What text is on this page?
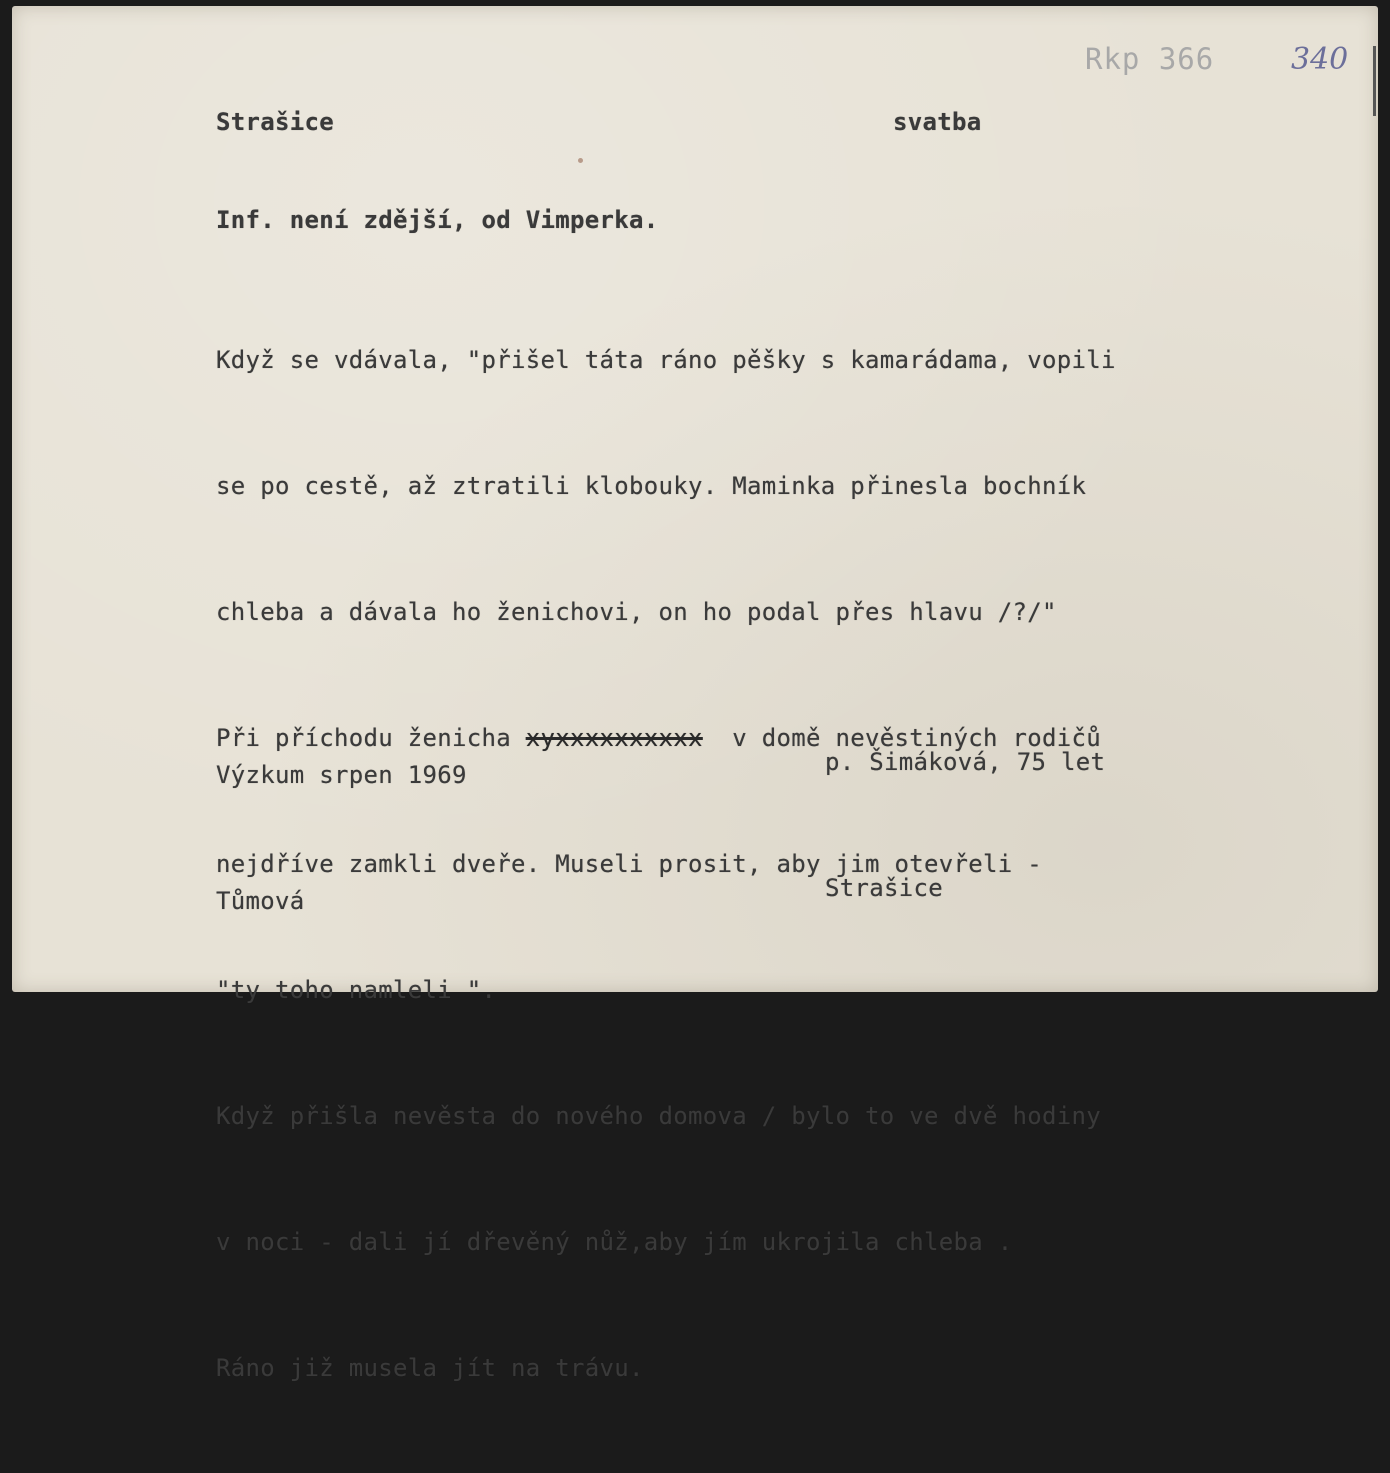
Rkp 366	340
Strašice	svatba
Inf. není zdější, od Vimperka.

Když se vdávala, "přišel táta ráno pěšky s kamarádama, vopili

se po cestě, až ztratili klobouky. Maminka přinesla bochník

chleba a dávala ho ženichovi, on ho podal přes hlavu /?/"

Při příchodu ženicha xyxxxxxxxxxx  v domě nevěstiných rodičů

nejdříve zamkli dveře. Museli prosit, aby jim otevřeli -

"ty toho namleli ".

Když přišla nevěsta do nového domova / bylo to ve dvě hodiny

v noci - dali jí dřevěný nůž,aby jím ukrojila chleba .

Ráno již musela jít na trávu.

Výzkum srpen 1969

Tůmová

p. Šimáková, 75 let

Strašice
